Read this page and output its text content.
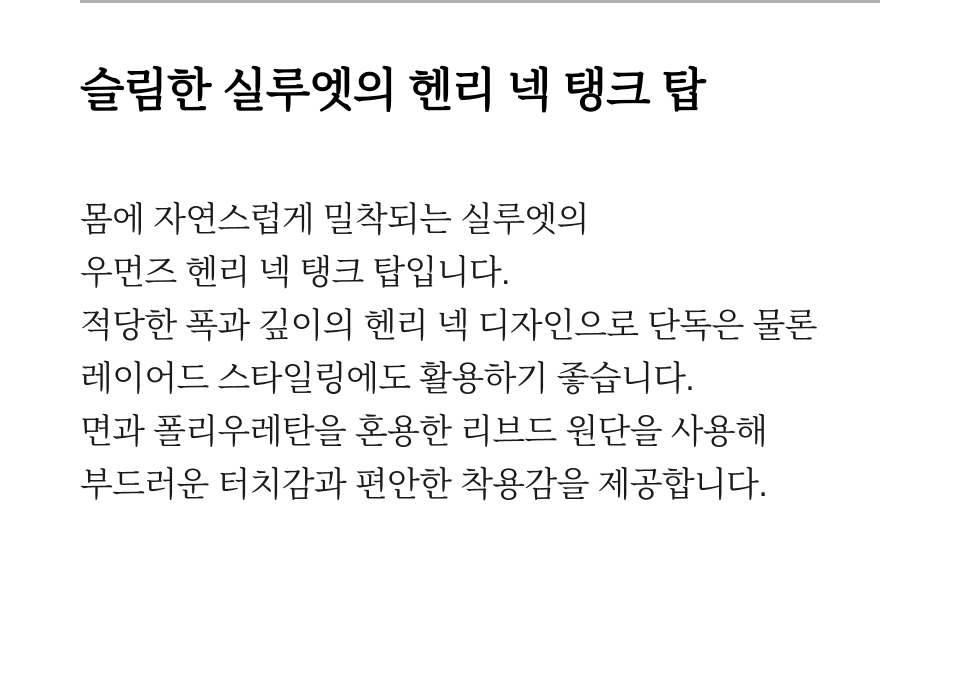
슬림한 실루엣의 헨리 넥 탱크 탑

몸에 자연스럽게 밀착되는 실루엣의
우먼즈 헨리 넥 탱크 탑입니다.
적당한 폭과 깊이의 헨리 넥 디자인으로 단독은 물론
레이어드 스타일링에도 활용하기 좋습니다.
면과 폴리우레탄을 혼용한 리브드 원단을 사용해
부드러운 터치감과 편안한 착용감을 제공합니다.
